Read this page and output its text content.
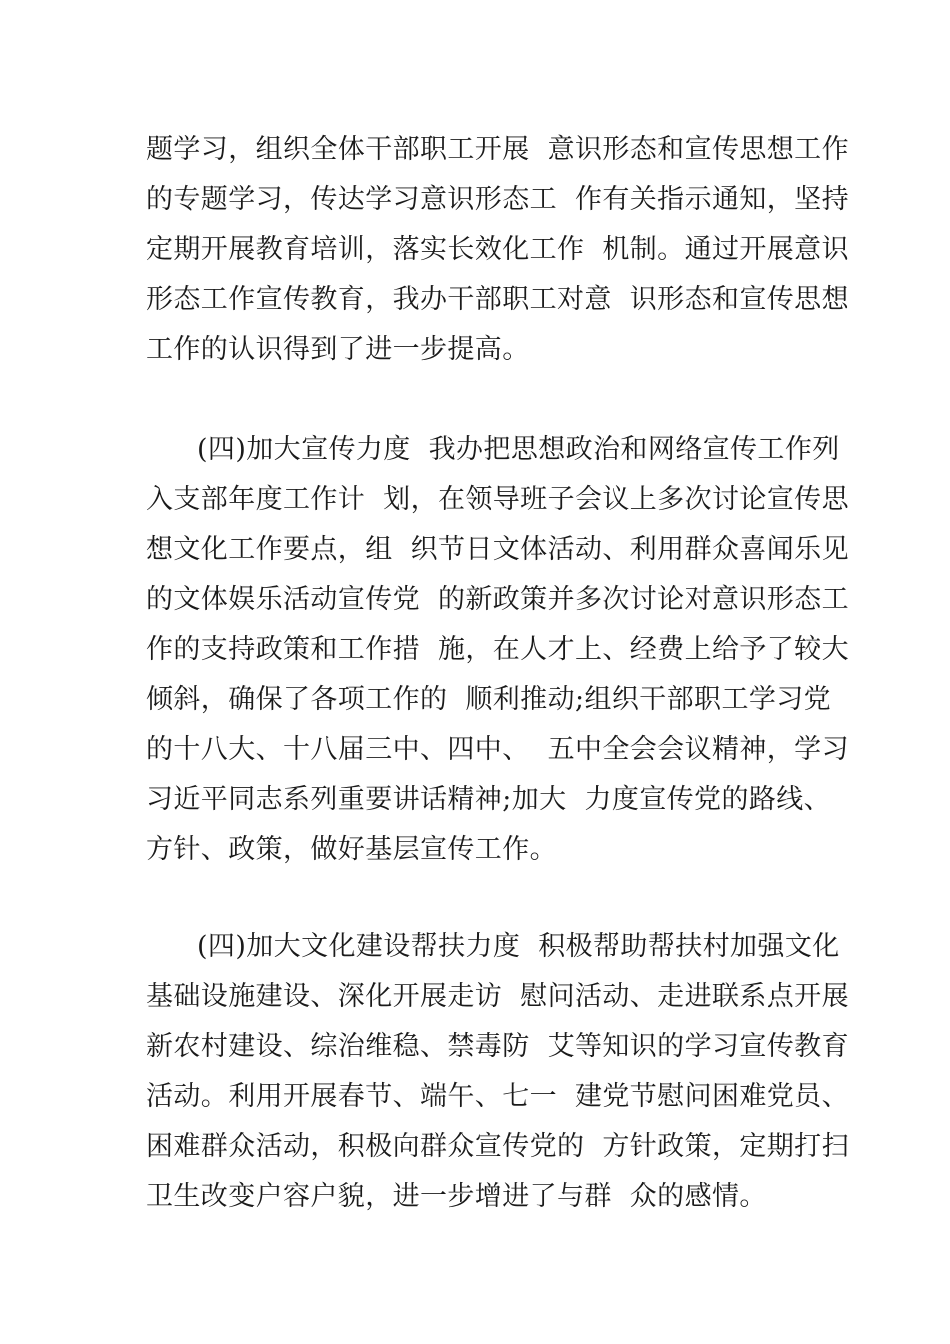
题学习，组织全体干部职工开展  意识形态和宣传思想工作
的专题学习，传达学习意识形态工  作有关指示通知，坚持
定期开展教育培训，落实长效化工作  机制。通过开展意识
形态工作宣传教育，我办干部职工对意  识形态和宣传思想
工作的认识得到了进一步提高。
(四)加大宣传力度  我办把思想政治和网络宣传工作列
入支部年度工作计  划，在领导班子会议上多次讨论宣传思
想文化工作要点，组  织节日文体活动、利用群众喜闻乐见
的文体娱乐活动宣传党  的新政策并多次讨论对意识形态工
作的支持政策和工作措  施，在人才上、经费上给予了较大
倾斜，确保了各项工作的  顺利推动;组织干部职工学习党
的十八大、十八届三中、四中、  五中全会会议精神，学习
习近平同志系列重要讲话精神;加大  力度宣传党的路线、
方针、政策，做好基层宣传工作。
(四)加大文化建设帮扶力度  积极帮助帮扶村加强文化
基础设施建设、深化开展走访  慰问活动、走进联系点开展
新农村建设、综治维稳、禁毒防  艾等知识的学习宣传教育
活动。利用开展春节、端午、七一  建党节慰问困难党员、
困难群众活动，积极向群众宣传党的  方针政策，定期打扫
卫生改变户容户貌，进一步增进了与群  众的感情。
